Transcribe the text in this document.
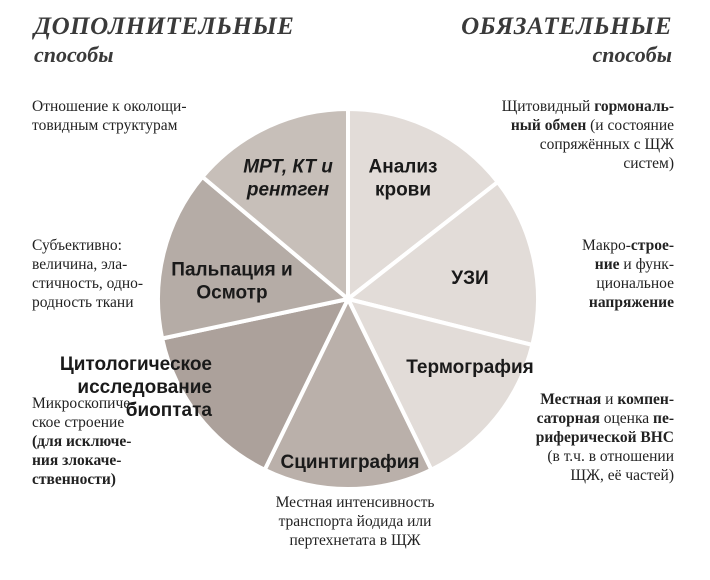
ДОПОЛНИТЕЛЬНЫЕ
способы
ОБЯЗАТЕЛЬНЫЕ
способы
Анализ крови
УЗИ
Термография
Сцинтиграфия
Цитологическое исследование биоптата
Пальпация и Осмотр
МРТ, КТ и рентген
Отношение к околощи-
товидным структурам
Субъективно:
величина, эла-
стичность, одно-
родность ткани
Микроскопиче-
ское строение
(для исключе-
ния злокаче-
ственности)
Местная интенсивность
транспорта йодида или
пертехнетата в ЩЖ
Щитовидный гормональ-
ный обмен (и состояние
сопряжённых с ЩЖ
систем)
Макро-строе-
ние и функ-
циональное
напряжение
Местная и компен-
саторная оценка пе-
риферической ВНС
(в т.ч. в отношении
ЩЖ, её частей)
